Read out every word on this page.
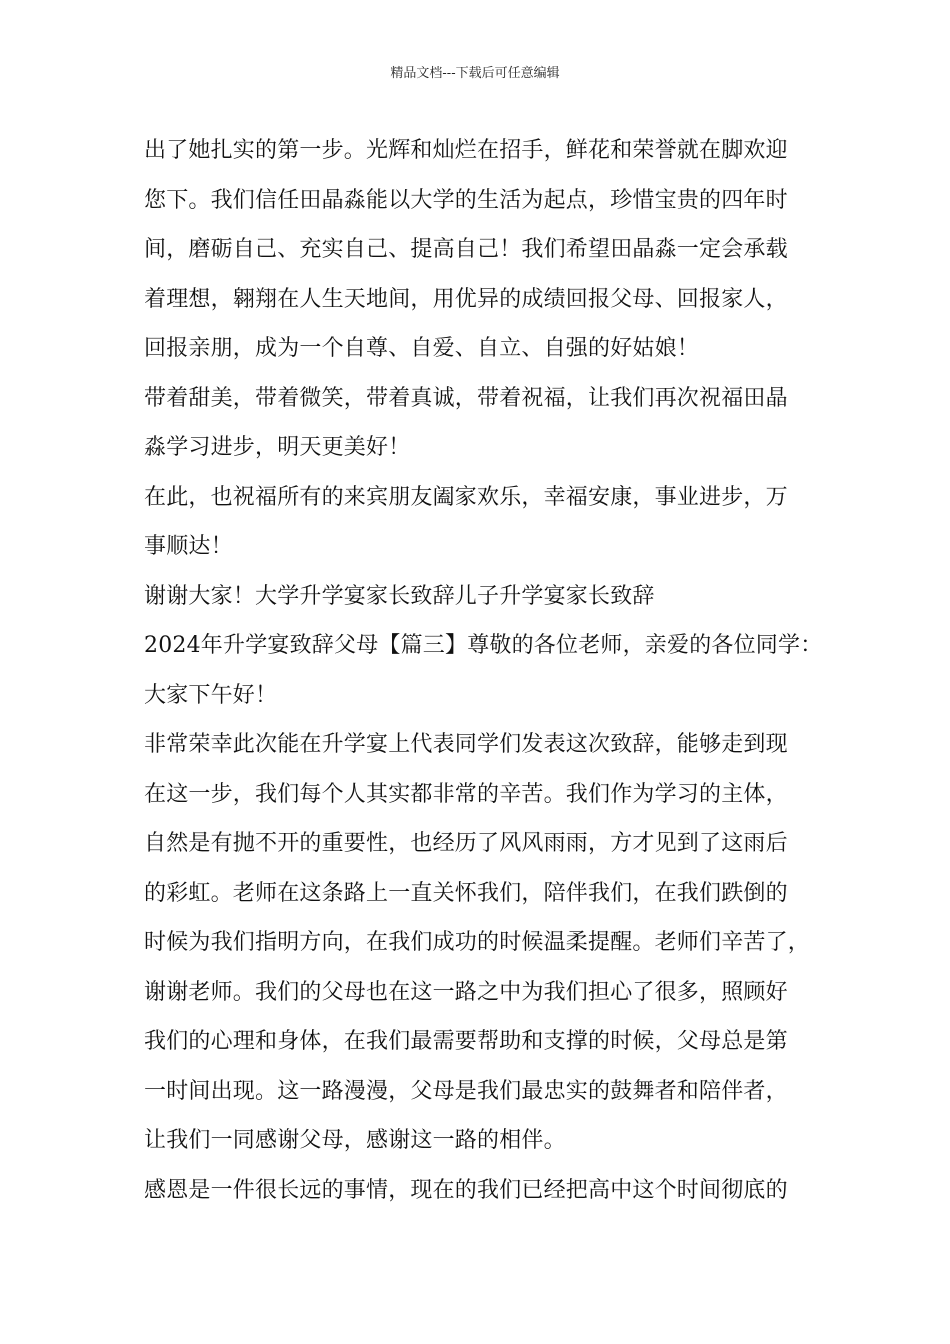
精品文档---下载后可任意编辑
出了她扎实的第一步。光辉和灿烂在招手，鲜花和荣誉就在脚欢迎
您下。我们信任田晶淼能以大学的生活为起点，珍惜宝贵的四年时
间，磨砺自己、充实自己、提高自己！我们希望田晶淼一定会承载
着理想，翱翔在人生天地间，用优异的成绩回报父母、回报家人，
回报亲朋，成为一个自尊、自爱、自立、自强的好姑娘！
带着甜美，带着微笑，带着真诚，带着祝福，让我们再次祝福田晶
淼学习进步，明天更美好！
在此，也祝福所有的来宾朋友阖家欢乐，幸福安康，事业进步，万
事顺达！
谢谢大家！大学升学宴家长致辞儿子升学宴家长致辞
2024年升学宴致辞父母【篇三】尊敬的各位老师，亲爱的各位同学：
大家下午好！
非常荣幸此次能在升学宴上代表同学们发表这次致辞，能够走到现
在这一步，我们每个人其实都非常的辛苦。我们作为学习的主体，
自然是有抛不开的重要性，也经历了风风雨雨，方才见到了这雨后
的彩虹。老师在这条路上一直关怀我们，陪伴我们，在我们跌倒的
时候为我们指明方向，在我们成功的时候温柔提醒。老师们辛苦了，
谢谢老师。我们的父母也在这一路之中为我们担心了很多，照顾好
我们的心理和身体，在我们最需要帮助和支撑的时候，父母总是第
一时间出现。这一路漫漫，父母是我们最忠实的鼓舞者和陪伴者，
让我们一同感谢父母，感谢这一路的相伴。
感恩是一件很长远的事情，现在的我们已经把高中这个时间彻底的
